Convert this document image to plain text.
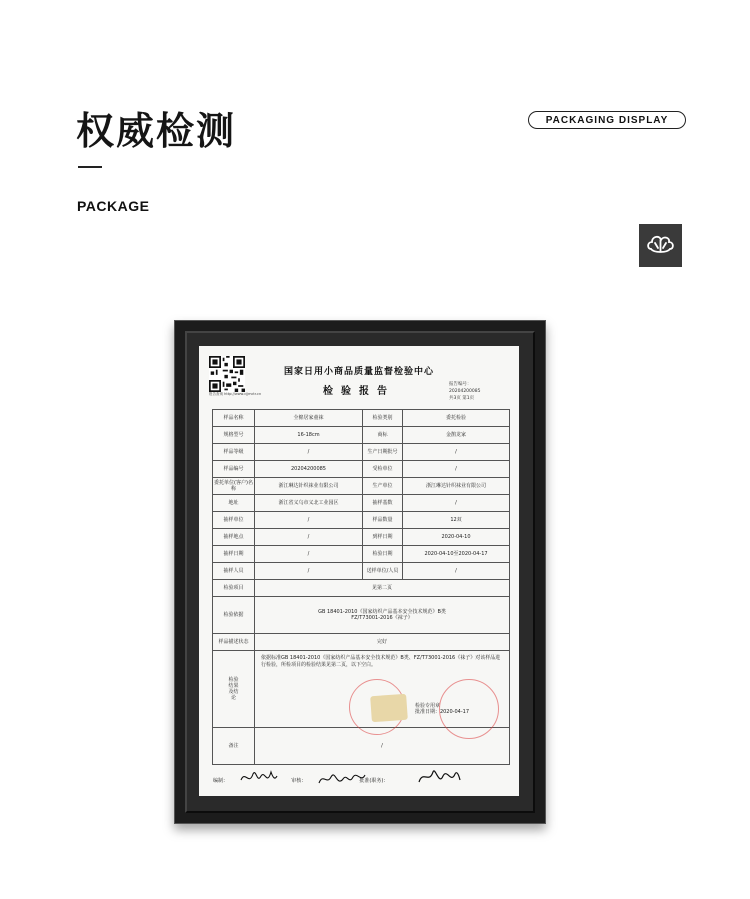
权威检测
PACKAGE
PACKAGING DISPLAY
报告查询 http://www.cjjmctr.cn
国家日用小商品质量监督检验中心
检验报告
报告编号：
20204200085
共3页 第1页
样品名称	全棉居家童袜	检验类别	委托检验
规格型号	16-18cm	商标	金鹊龙家
样品等级	/	生产日期批号	/
样品编号	20204200085	受检单位	/
委托单位(客户)名称	浙江琳达针织袜业有限公司	生产单位	浙江琳达针织袜业有限公司
地址	浙江省义乌市义北工业园区	抽样基数	/
抽样单位	/	样品数量	12双
抽样地点	/	到样日期	2020-04-10
抽样日期	/	检验日期	2020-04-10至2020-04-17
抽样人员	/	送样单位/人员	/
检验项目	见第二页		
检验依据	GB 18401-2010《国家纺织产品基本安全技术规范》B类
FZ/T73001-2016《袜子》		

样品描述状态	完好		
检验结果及结论	依据标准GB 18401-2010《国家纺织产品基本安全技术规范》B类、FZ/T73001-2016《袜子》对该样品进行检验，所检项目的检验结果见第二页，以下空白。
检验专用章
批准日期：2020-04-17		

备注	/		
编制：	审核：	批准(职务)：
